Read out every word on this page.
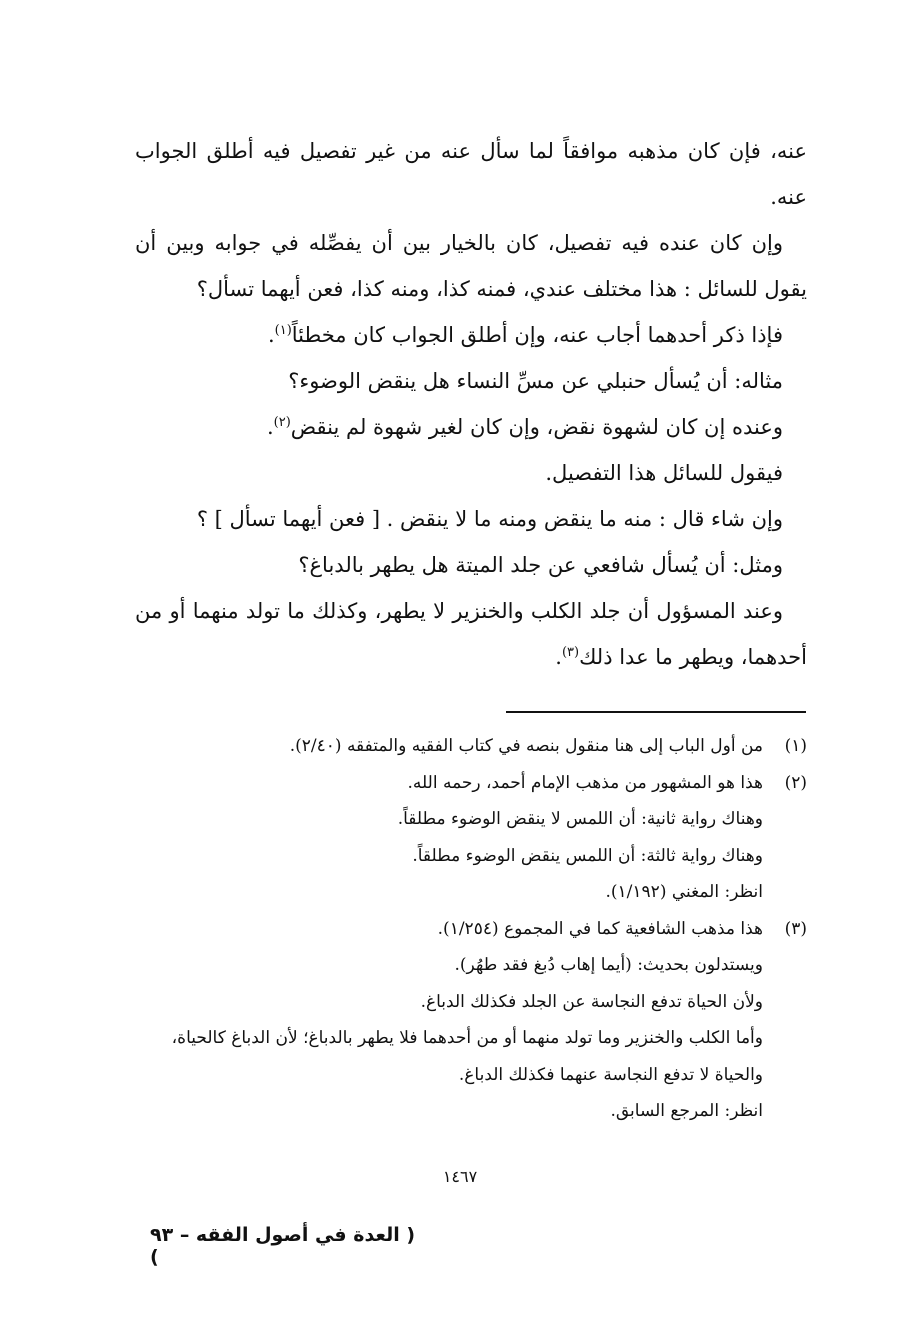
عنه، فإن كان مذهبه موافقاً لما سأل عنه من غير تفصيل فيه أطلق الجواب عنه.

وإن كان عنده فيه تفصيل، كان بالخيار بين أن يفصِّله في جوابه وبين أن يقول للسائل : هذا مختلف عندي، فمنه كذا، ومنه كذا، فعن أيهما تسأل؟

فإذا ذكر أحدهما أجاب عنه، وإن أطلق الجواب كان مخطئاً$^{(١)}$.

مثاله: أن يُسأل حنبلي عن مسِّ النساء هل ينقض الوضوء؟

وعنده إن كان لشهوة نقض، وإن كان لغير شهوة لم ينقض$^{(٢)}$.

فيقول للسائل هذا التفصيل.

وإن شاء قال : منه ما ينقض ومنه ما لا ينقض . [ فعن أيهما تسأل ] ؟

ومثل: أن يُسأل شافعي عن جلد الميتة هل يطهر بالدباغ؟

وعند المسؤول أن جلد الكلب والخنزير لا يطهر، وكذلك ما تولد منهما أو من أحدهما، ويطهر ما عدا ذلك$^{(٣)}$.

(١)
من أول الباب إلى هنا منقول بنصه في كتاب الفقيه والمتفقه (٢/٤٠).
(٢)
هذا هو المشهور من مذهب الإمام أحمد، رحمه الله.
وهناك رواية ثانية: أن اللمس لا ينقض الوضوء مطلقاً.
وهناك رواية ثالثة: أن اللمس ينقض الوضوء مطلقاً.
انظر: المغني (١/١٩٢).
(٣)
هذا مذهب الشافعية كما في المجموع (١/٢٥٤).
ويستدلون بحديث: (أيما إهاب دُبغ فقد طهُر).
ولأن الحياة تدفع النجاسة عن الجلد فكذلك الدباغ.
وأما الكلب والخنزير وما تولد منهما أو من أحدهما فلا يطهر بالدباغ؛ لأن الدباغ كالحياة، والحياة لا تدفع النجاسة عنهما فكذلك الدباغ.
انظر: المرجع السابق.
١٤٦٧
( العدة في أصول الفقه – ٩٣ )
